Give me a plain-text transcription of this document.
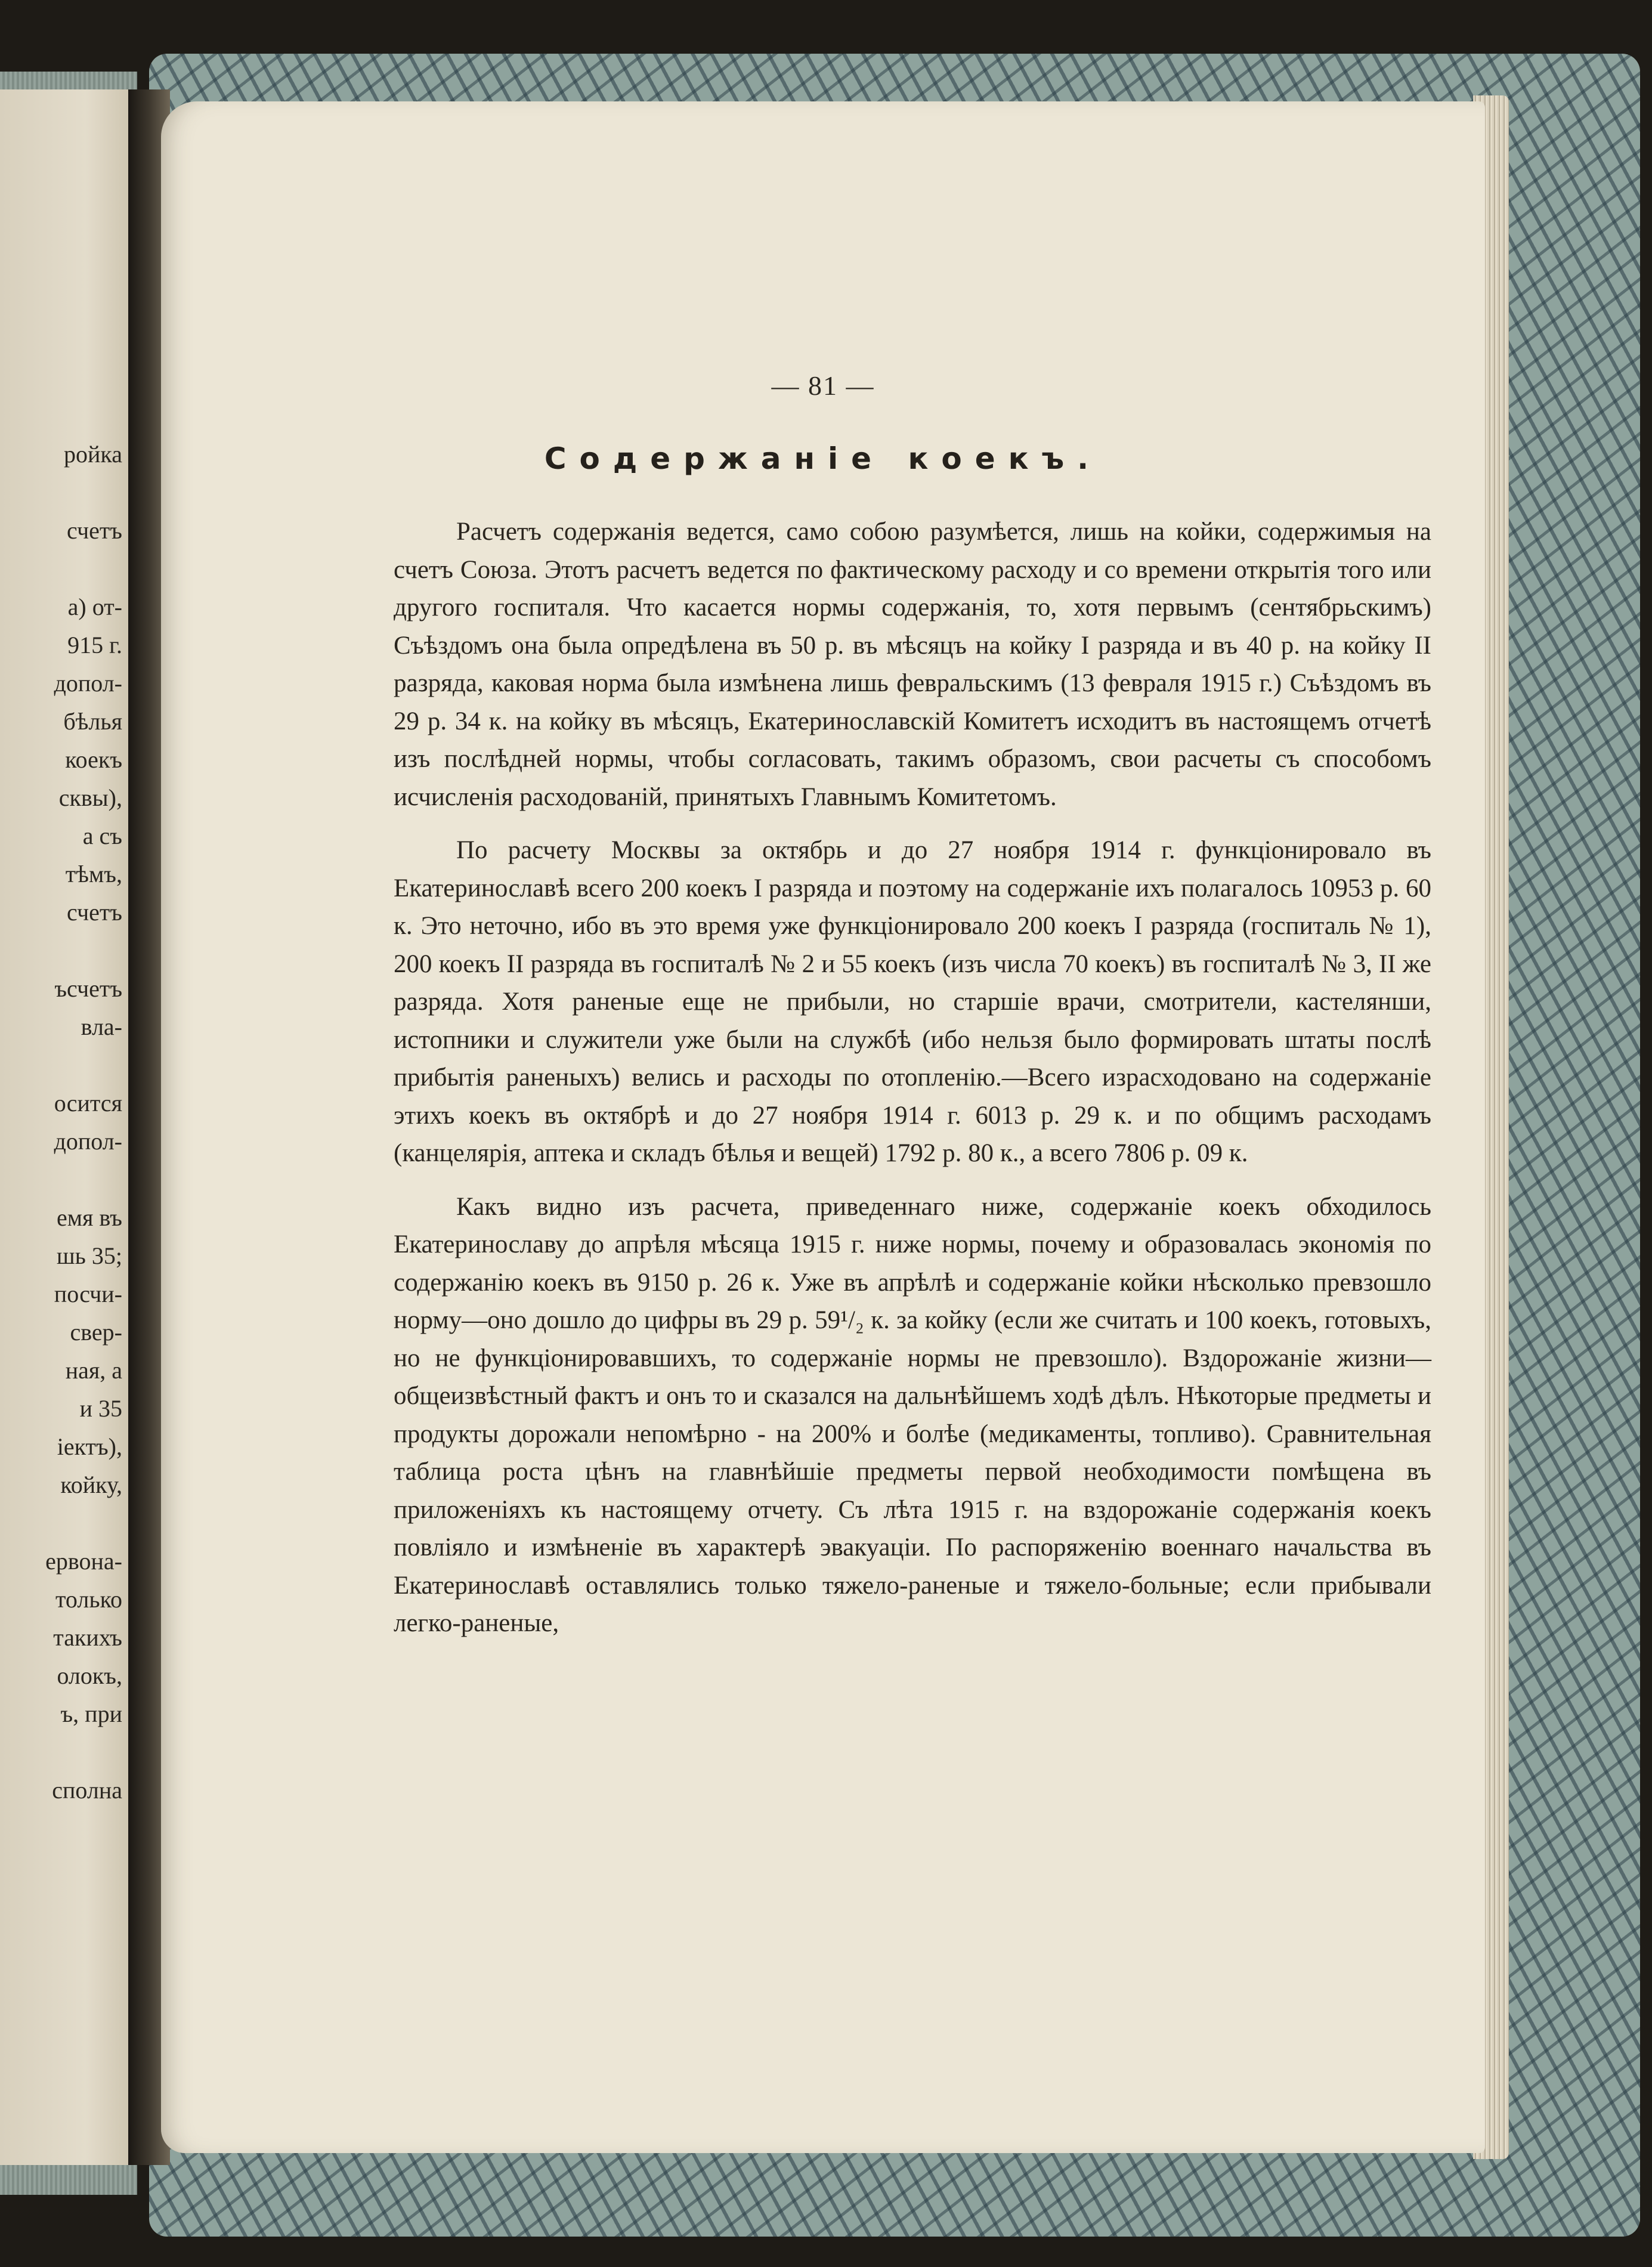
ройка
счетъ
а) от-
915 г.
допол-
бѣлья
коекъ
сквы),
а съ
тѣмъ,
счетъ
ъсчетъ
вла-
осится
допол-
емя въ
шь 35;
посчи-
свер-
ная, а
и 35
іектъ),
койку,
ервона-
только
такихъ
олокъ,
ъ, при
сполна
— 81 —
Содержаніе коекъ.

Расчетъ содержанія ведется, само собою разумѣется, лишь на койки, содержимыя на счетъ Союза. Этотъ расчетъ ведется по фактическому расходу и со времени открытія того или другого госпиталя. Что касается нормы содержанія, то, хотя первымъ (сентябрьскимъ) Съѣздомъ она была опредѣлена въ 50 р. въ мѣсяцъ на койку I разряда и въ 40 р. на койку II разряда, каковая норма была измѣнена лишь февральскимъ (13 февраля 1915 г.) Съѣздомъ въ 29 р. 34 к. на койку въ мѣсяцъ, Екатеринославскій Комитетъ исходитъ въ настоящемъ отчетѣ изъ послѣдней нормы, чтобы согласовать, такимъ образомъ, свои расчеты съ способомъ исчисленія расходованій, принятыхъ Главнымъ Комитетомъ.

По расчету Москвы за октябрь и до 27 ноября 1914 г. функціонировало въ Екатеринославѣ всего 200 коекъ I разряда и поэтому на содержаніе ихъ полагалось 10953 р. 60 к. Это неточно, ибо въ это время уже функціонировало 200 коекъ I разряда (госпиталь № 1), 200 коекъ II разряда въ госпиталѣ № 2 и 55 коекъ (изъ числа 70 коекъ) въ госпиталѣ № 3, II же разряда. Хотя раненые еще не прибыли, но старшіе врачи, смотрители, кастелянши, истопники и служители уже были на службѣ (ибо нельзя было формировать штаты послѣ прибытія раненыхъ) велись и расходы по отопленію.—Всего израсходовано на содержаніе этихъ коекъ въ октябрѣ и до 27 ноября 1914 г. 6013 р. 29 к. и по общимъ расходамъ (канцелярія, аптека и складъ бѣлья и вещей) 1792 р. 80 к., а всего 7806 р. 09 к.

Какъ видно изъ расчета, приведеннаго ниже, содержаніе коекъ обходилось Екатеринославу до апрѣля мѣсяца 1915 г. ниже нормы, почему и образовалась экономія по содержанію коекъ въ 9150 р. 26 к. Уже въ апрѣлѣ и содержаніе койки нѣсколько превзошло норму—оно дошло до цифры въ 29 р. 59¹/₂ к. за койку (если же считать и 100 коекъ, готовыхъ, но не функціонировавшихъ, то содержаніе нормы не превзошло). Вздорожаніе жизни—общеизвѣстный фактъ и онъ то и сказался на дальнѣйшемъ ходѣ дѣлъ. Нѣкоторые предметы и продукты дорожали непомѣрно - на 200% и болѣе (медикаменты, топливо). Сравнительная таблица роста цѣнъ на главнѣйшіе предметы первой необходимости помѣщена въ приложеніяхъ къ настоящему отчету. Съ лѣта 1915 г. на вздорожаніе содержанія коекъ повліяло и измѣненіе въ характерѣ эвакуаціи. По распоряженію военнаго начальства въ Екатеринославѣ оставлялись только тяжело-раненые и тяжело-больные; если прибывали легко-раненые,
